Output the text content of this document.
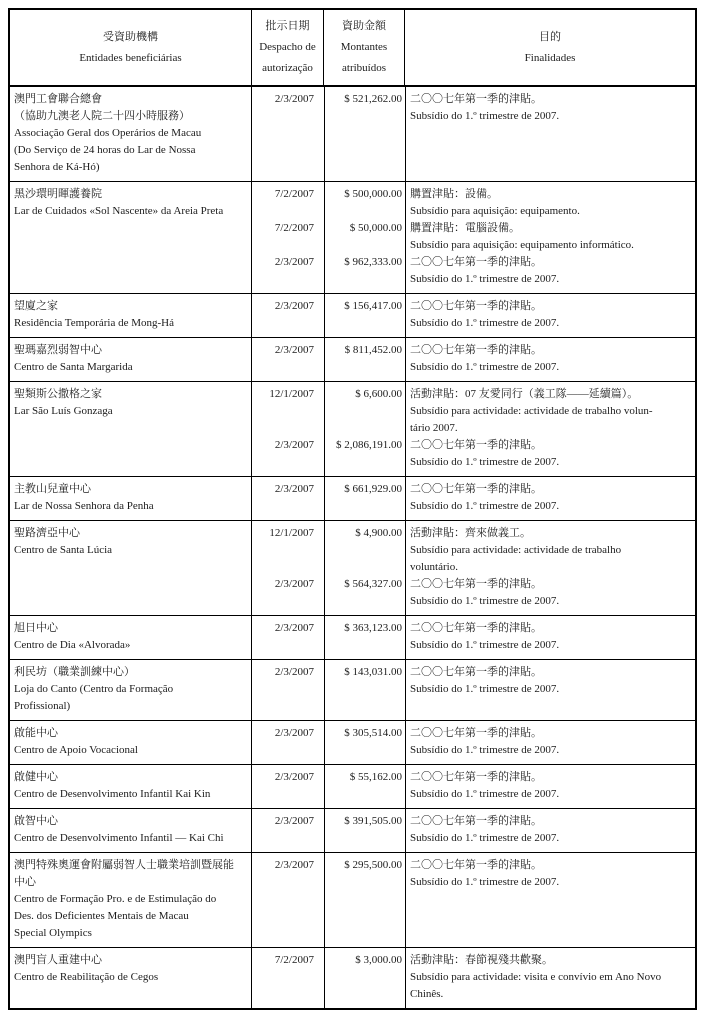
受資助機構
Entidades beneficiárias
批示日期
Despacho de
autorização
資助金額
Montantes
atribuídos
目的
Finalidades
澳門工會聯合總會
（協助九澳老人院二十四小時服務）
Associação Geral dos Operários de Macau
(Do Serviço de 24 horas do Lar de Nossa
Senhora de Ká-Hó)
2/3/2007	$ 521,262.00 二〇〇七年第一季的津貼。
Subsídio do 1.º trimestre de 2007.
黑沙環明暉護養院
Lar de Cuidados «Sol Nascente» da Areia Preta
7/2/2007	$ 500,000.00 購置津貼：設備。
Subsídio para aquisição: equipamento.
7/2/2007	$ 50,000.00 購置津貼：電腦設備。
Subsídio para aquisição: equipamento informático.
2/3/2007	$ 962,333.00 二〇〇七年第一季的津貼。
Subsídio do 1.º trimestre de 2007.
望廈之家
Residência Temporária de Mong-Há
2/3/2007	$ 156,417.00 二〇〇七年第一季的津貼。
Subsídio do 1.º trimestre de 2007.
聖瑪嘉烈弱智中心
Centro de Santa Margarida
2/3/2007	$ 811,452.00 二〇〇七年第一季的津貼。
Subsídio do 1.º trimestre de 2007.
聖類斯公撒格之家
Lar São Luís Gonzaga
12/1/2007	$ 6,600.00 活動津貼：07 友愛同行（義工隊——延續篇）。
Subsídio para actividade: actividade de trabalho volun-
tário 2007.
2/3/2007	$ 2,086,191.00 二〇〇七年第一季的津貼。
Subsídio do 1.º trimestre de 2007.
主教山兒童中心
Lar de Nossa Senhora da Penha
2/3/2007	$ 661,929.00 二〇〇七年第一季的津貼。
Subsídio do 1.º trimestre de 2007.
聖路濟亞中心
Centro de Santa Lúcia
12/1/2007	$ 4,900.00 活動津貼：齊來做義工。
Subsídio para actividade: actividade de trabalho
voluntário.
2/3/2007	$ 564,327.00 二〇〇七年第一季的津貼。
Subsídio do 1.º trimestre de 2007.
旭日中心
Centro de Dia «Alvorada»
2/3/2007	$ 363,123.00 二〇〇七年第一季的津貼。
Subsídio do 1.º trimestre de 2007.
利民坊（職業訓練中心）
Loja do Canto (Centro da Formação
Profissional)
2/3/2007	$ 143,031.00 二〇〇七年第一季的津貼。
Subsídio do 1.º trimestre de 2007.
啟能中心
Centro de Apoio Vocacional
2/3/2007	$ 305,514.00 二〇〇七年第一季的津貼。
Subsídio do 1.º trimestre de 2007.
啟健中心
Centro de Desenvolvimento Infantil Kai Kin
2/3/2007	$ 55,162.00 二〇〇七年第一季的津貼。
Subsídio do 1.º trimestre de 2007.
啟智中心
Centro de Desenvolvimento Infantil — Kai Chi
2/3/2007	$ 391,505.00 二〇〇七年第一季的津貼。
Subsídio do 1.º trimestre de 2007.
澳門特殊奧運會附屬弱智人士職業培訓暨展能
中心
Centro de Formação Pro. e de Estimulação do
Des. dos Deficientes Mentais de Macau
Special Olympics
2/3/2007	$ 295,500.00 二〇〇七年第一季的津貼。
Subsídio do 1.º trimestre de 2007.
澳門盲人重建中心
Centro de Reabilitação de Cegos
7/2/2007	$ 3,000.00 活動津貼：春節視殘共歡聚。
Subsídio para actividade: visita e convívio em Ano Novo
Chinês.
